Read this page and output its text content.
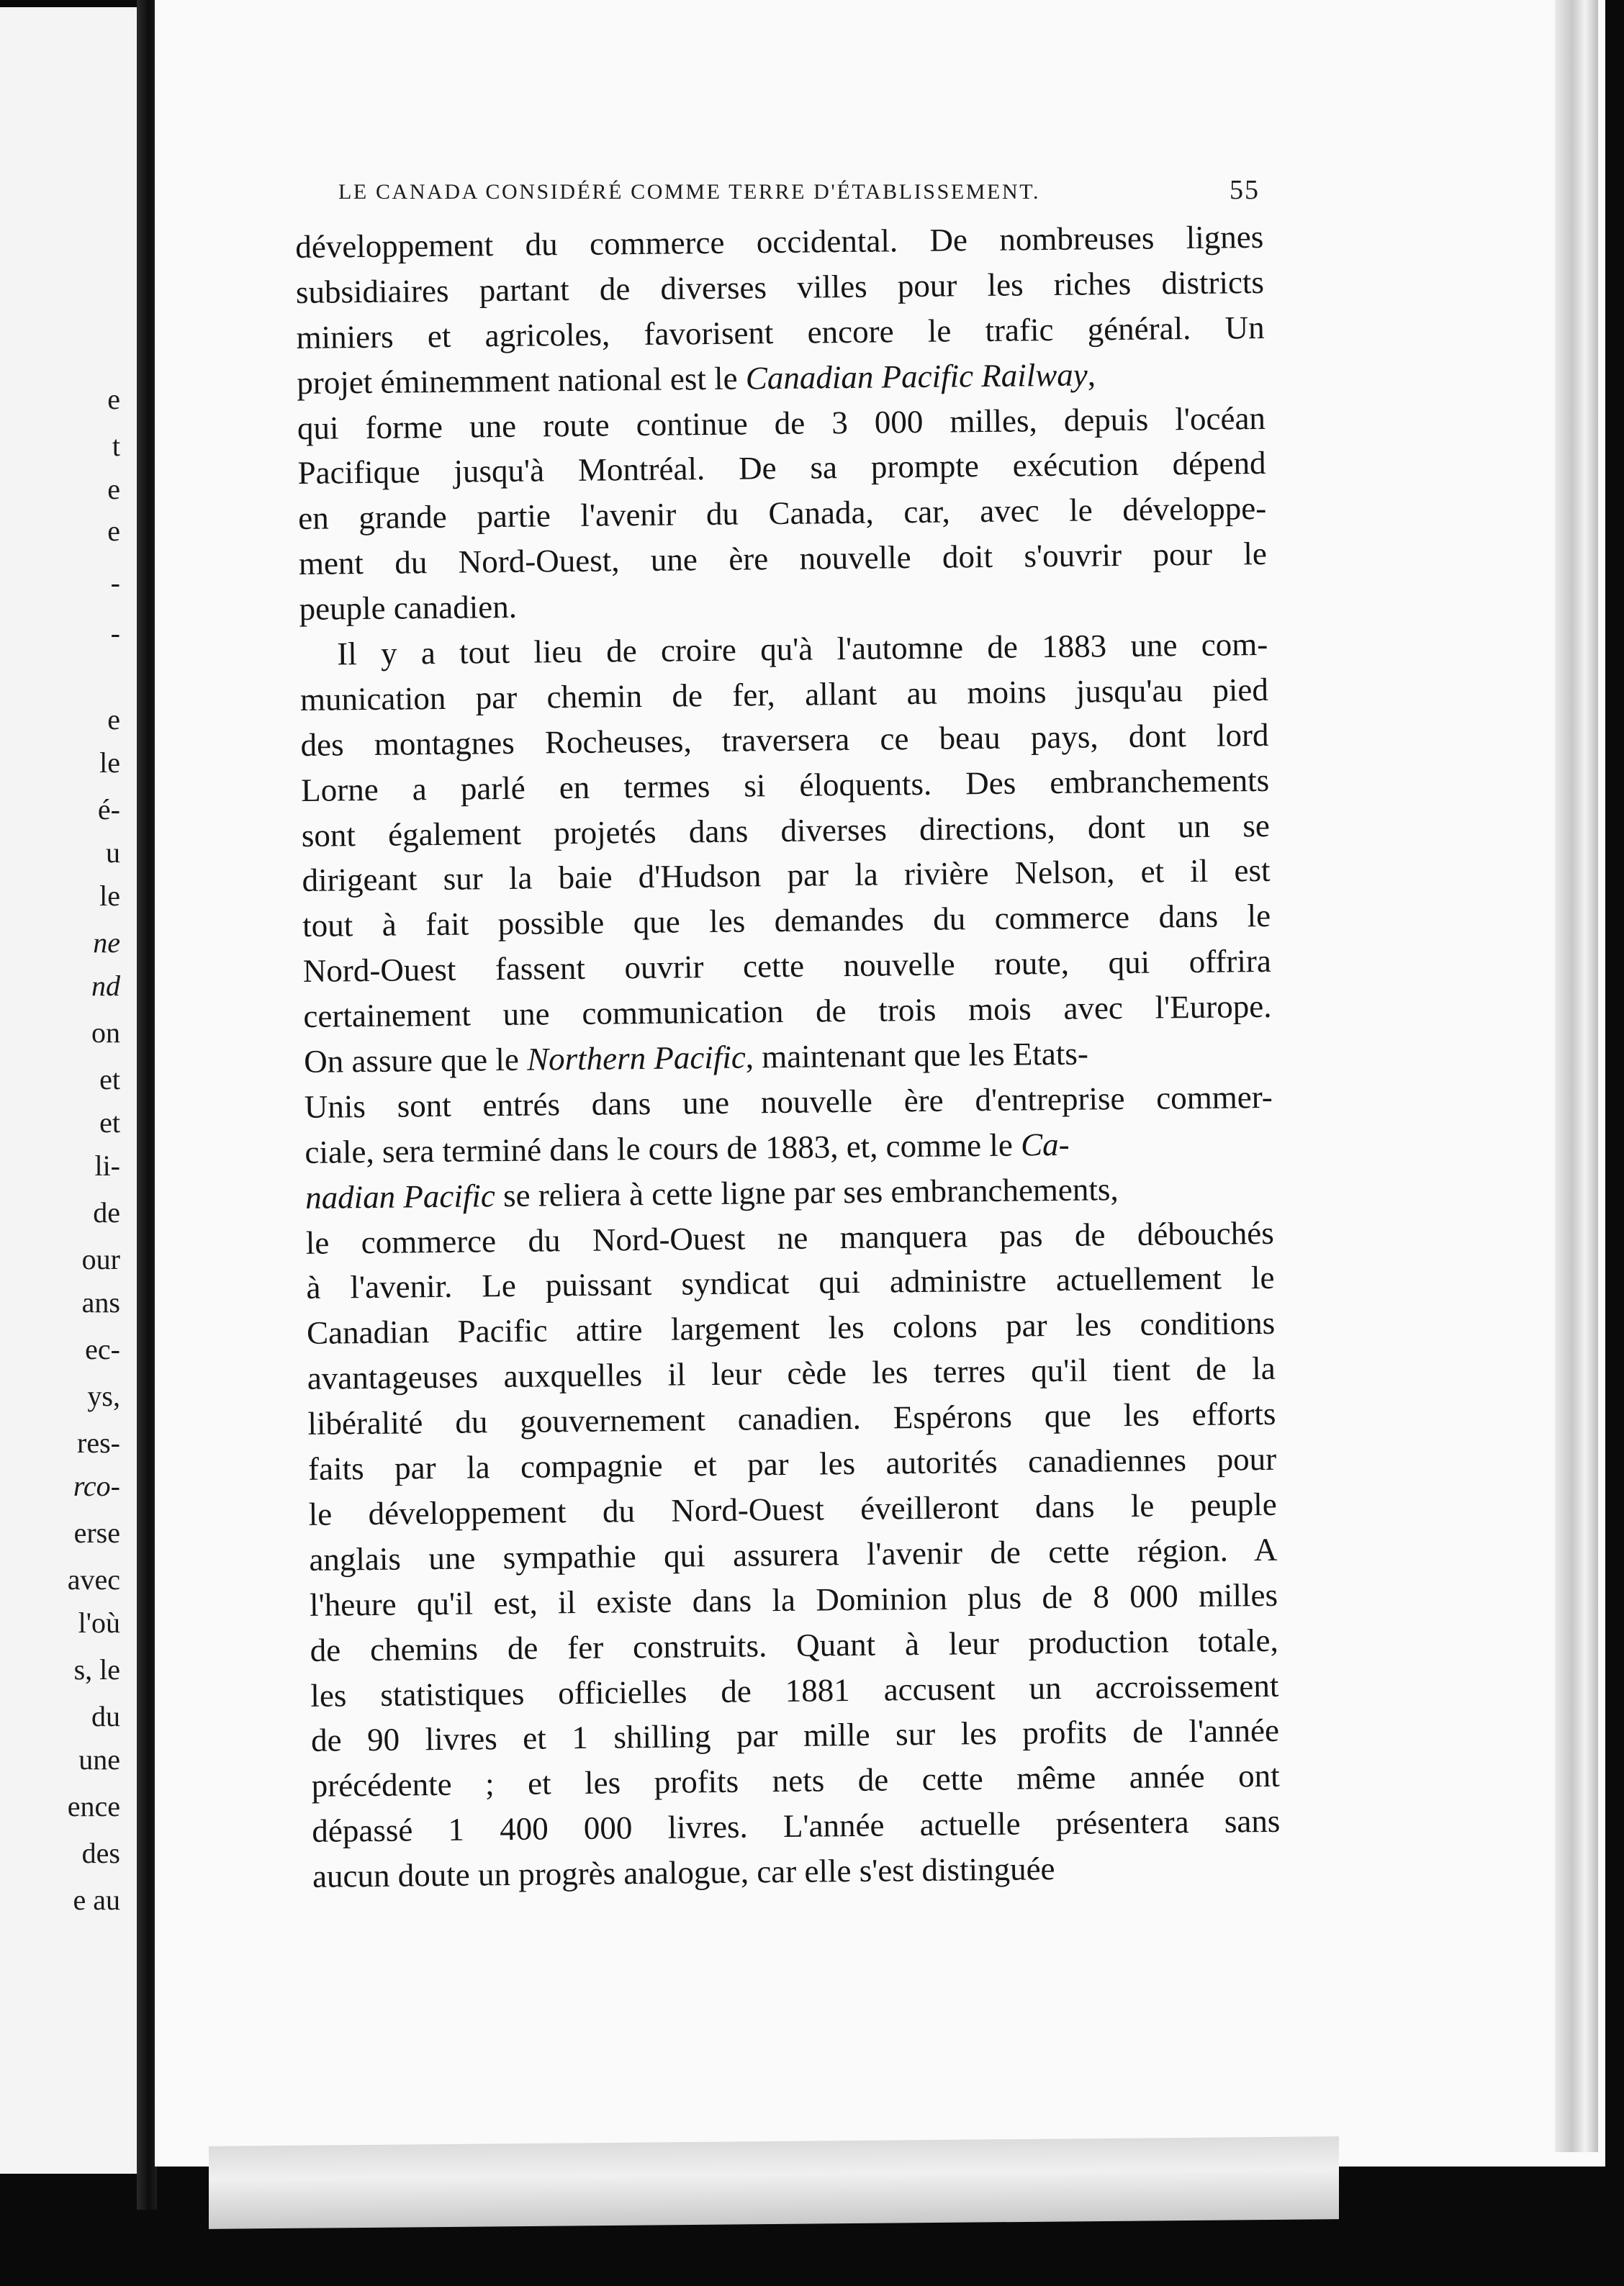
e
t
e
e
-
-
e
le
é-
u
le
ne
nd
on
et
et
li-
de
our
ans
ec-
ys,
res-
rco-
erse
avec
l'où
s, le
du
une
ence
des
e au
LE CANADA CONSIDÉRÉ COMME TERRE D'ÉTABLISSEMENT.	55
développement du commerce occidental. De nombreuses lignes
subsidiaires partant de diverses villes pour les riches districts
miniers et agricoles, favorisent encore le trafic général. Un
projet éminemment national est le Canadian Pacific Railway,
qui forme une route continue de 3 000 milles, depuis l'océan
Pacifique jusqu'à Montréal. De sa prompte exécution dépend
en grande partie l'avenir du Canada, car, avec le développe-
ment du Nord-Ouest, une ère nouvelle doit s'ouvrir pour le
peuple canadien.
Il y a tout lieu de croire qu'à l'automne de 1883 une com-
munication par chemin de fer, allant au moins jusqu'au pied
des montagnes Rocheuses, traversera ce beau pays, dont lord
Lorne a parlé en termes si éloquents. Des embranchements
sont également projetés dans diverses directions, dont un se
dirigeant sur la baie d'Hudson par la rivière Nelson, et il est
tout à fait possible que les demandes du commerce dans le
Nord-Ouest fassent ouvrir cette nouvelle route, qui offrira
certainement une communication de trois mois avec l'Europe.
On assure que le Northern Pacific, maintenant que les Etats-
Unis sont entrés dans une nouvelle ère d'entreprise commer-
ciale, sera terminé dans le cours de 1883, et, comme le Ca-
nadian Pacific se reliera à cette ligne par ses embranchements,
le commerce du Nord-Ouest ne manquera pas de débouchés
à l'avenir. Le puissant syndicat qui administre actuellement le
Canadian Pacific attire largement les colons par les conditions
avantageuses auxquelles il leur cède les terres qu'il tient de la
libéralité du gouvernement canadien. Espérons que les efforts
faits par la compagnie et par les autorités canadiennes pour
le développement du Nord-Ouest éveilleront dans le peuple
anglais une sympathie qui assurera l'avenir de cette région. A
l'heure qu'il est, il existe dans la Dominion plus de 8 000 milles
de chemins de fer construits. Quant à leur production totale,
les statistiques officielles de 1881 accusent un accroissement
de 90 livres et 1 shilling par mille sur les profits de l'année
précédente ; et les profits nets de cette même année ont
dépassé 1 400 000 livres. L'année actuelle présentera sans
aucun doute un progrès analogue, car elle s'est distinguée
